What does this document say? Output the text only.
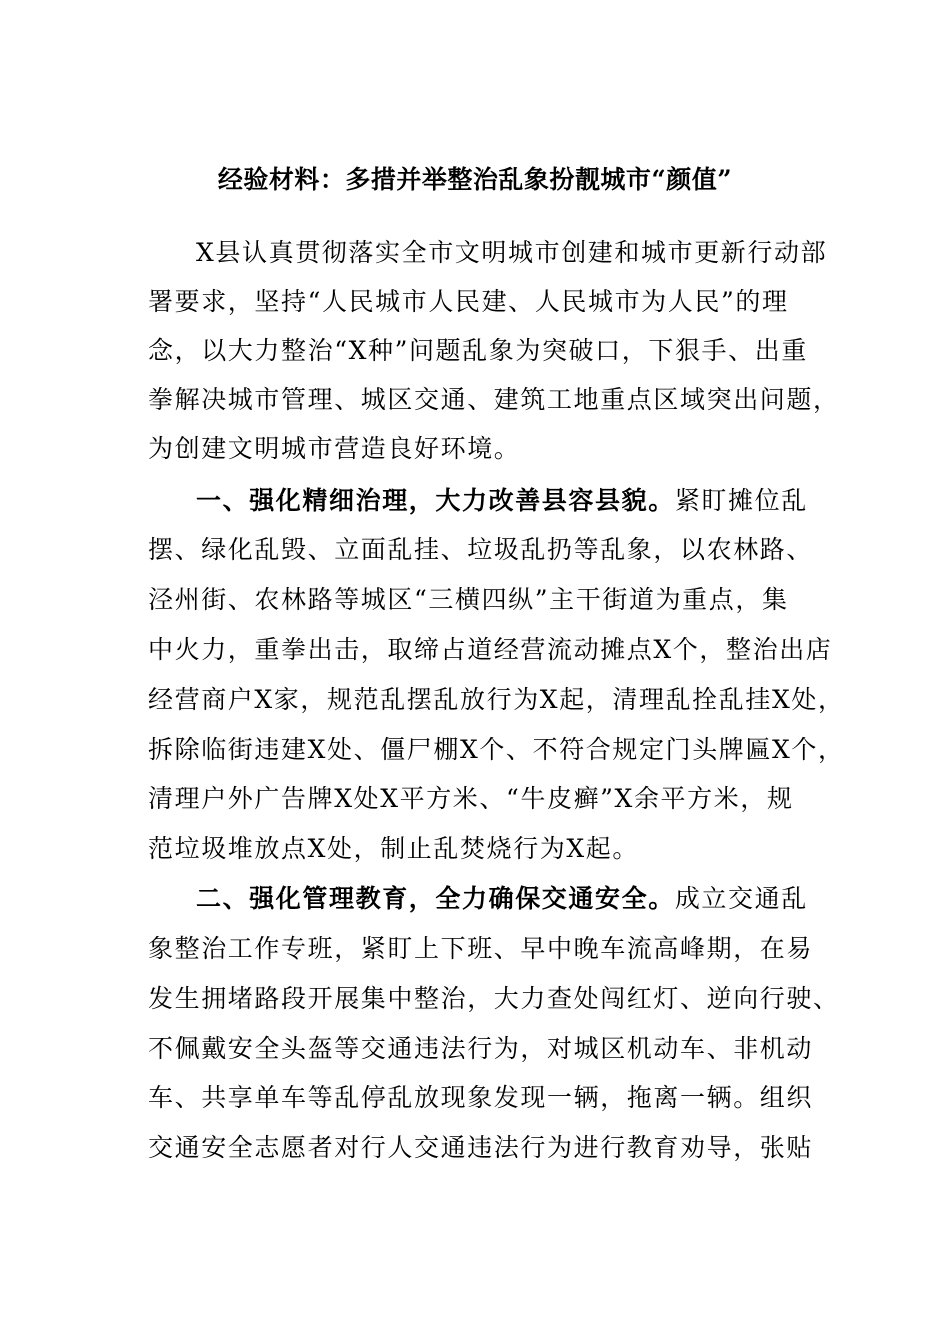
经验材料：多措并举整治乱象扮靓城市“颜值”
X县认真贯彻落实全市文明城市创建和城市更新行动部
署要求，坚持“人民城市人民建、人民城市为人民”的理
念，以大力整治“X种”问题乱象为突破口，下狠手、出重
拳解决城市管理、城区交通、建筑工地重点区域突出问题，
为创建文明城市营造良好环境。
一、强化精细治理，大力改善县容县貌。紧盯摊位乱
摆、绿化乱毁、立面乱挂、垃圾乱扔等乱象，以农林路、
泾州街、农林路等城区“三横四纵”主干街道为重点，集
中火力，重拳出击，取缔占道经营流动摊点X个，整治出店
经营商户X家，规范乱摆乱放行为X起，清理乱拴乱挂X处，
拆除临街违建X处、僵尸棚X个、不符合规定门头牌匾X个，
清理户外广告牌X处X平方米、“牛皮癣”X余平方米，规
范垃圾堆放点X处，制止乱焚烧行为X起。
二、强化管理教育，全力确保交通安全。成立交通乱
象整治工作专班，紧盯上下班、早中晚车流高峰期，在易
发生拥堵路段开展集中整治，大力查处闯红灯、逆向行驶、
不佩戴安全头盔等交通违法行为，对城区机动车、非机动
车、共享单车等乱停乱放现象发现一辆，拖离一辆。组织
交通安全志愿者对行人交通违法行为进行教育劝导，张贴
